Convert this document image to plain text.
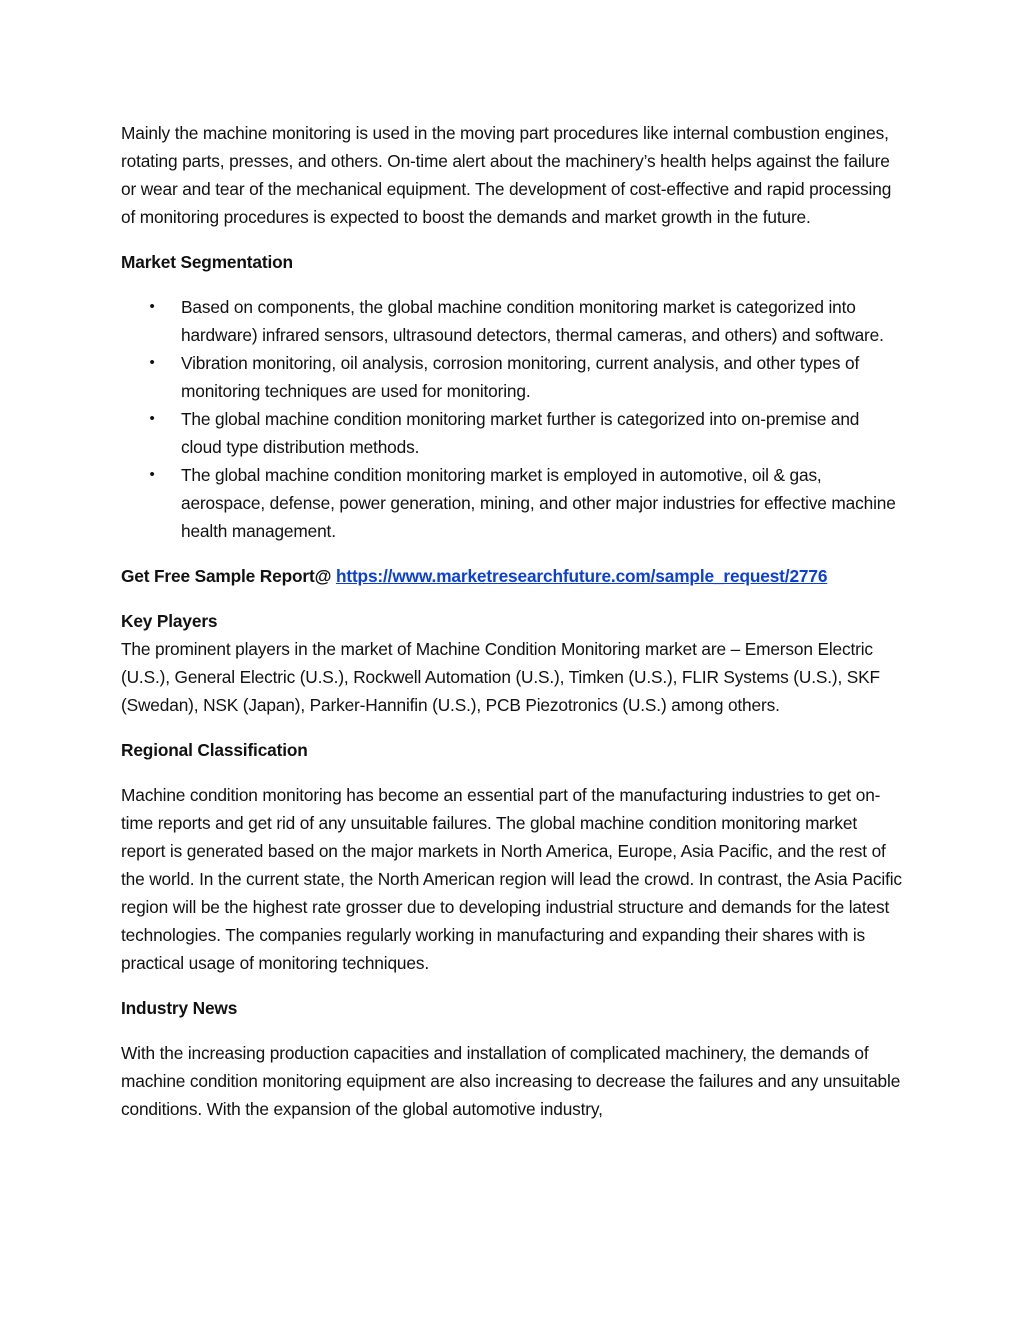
Mainly the machine monitoring is used in the moving part procedures like internal combustion engines, rotating parts, presses, and others. On-time alert about the machinery’s health helps against the failure or wear and tear of the mechanical equipment. The development of cost-effective and rapid processing of monitoring procedures is expected to boost the demands and market growth in the future.

Market Segmentation

• Based on components, the global machine condition monitoring market is categorized into hardware) infrared sensors, ultrasound detectors, thermal cameras, and others) and software.
• Vibration monitoring, oil analysis, corrosion monitoring, current analysis, and other types of monitoring techniques are used for monitoring.
• The global machine condition monitoring market further is categorized into on-premise and cloud type distribution methods.
• The global machine condition monitoring market is employed in automotive, oil & gas, aerospace, defense, power generation, mining, and other major industries for effective machine health management.

Get Free Sample Report@ https://www.marketresearchfuture.com/sample_request/2776

Key Players

The prominent players in the market of Machine Condition Monitoring market are – Emerson Electric (U.S.), General Electric (U.S.), Rockwell Automation (U.S.), Timken (U.S.), FLIR Systems (U.S.), SKF (Swedan), NSK (Japan), Parker-Hannifin (U.S.), PCB Piezotronics (U.S.) among others.

Regional Classification

Machine condition monitoring has become an essential part of the manufacturing industries to get on-time reports and get rid of any unsuitable failures. The global machine condition monitoring market report is generated based on the major markets in North America, Europe, Asia Pacific, and the rest of the world. In the current state, the North American region will lead the crowd. In contrast, the Asia Pacific region will be the highest rate grosser due to developing industrial structure and demands for the latest technologies. The companies regularly working in manufacturing and expanding their shares with is practical usage of monitoring techniques.

Industry News

With the increasing production capacities and installation of complicated machinery, the demands of machine condition monitoring equipment are also increasing to decrease the failures and any unsuitable conditions. With the expansion of the global automotive industry,
